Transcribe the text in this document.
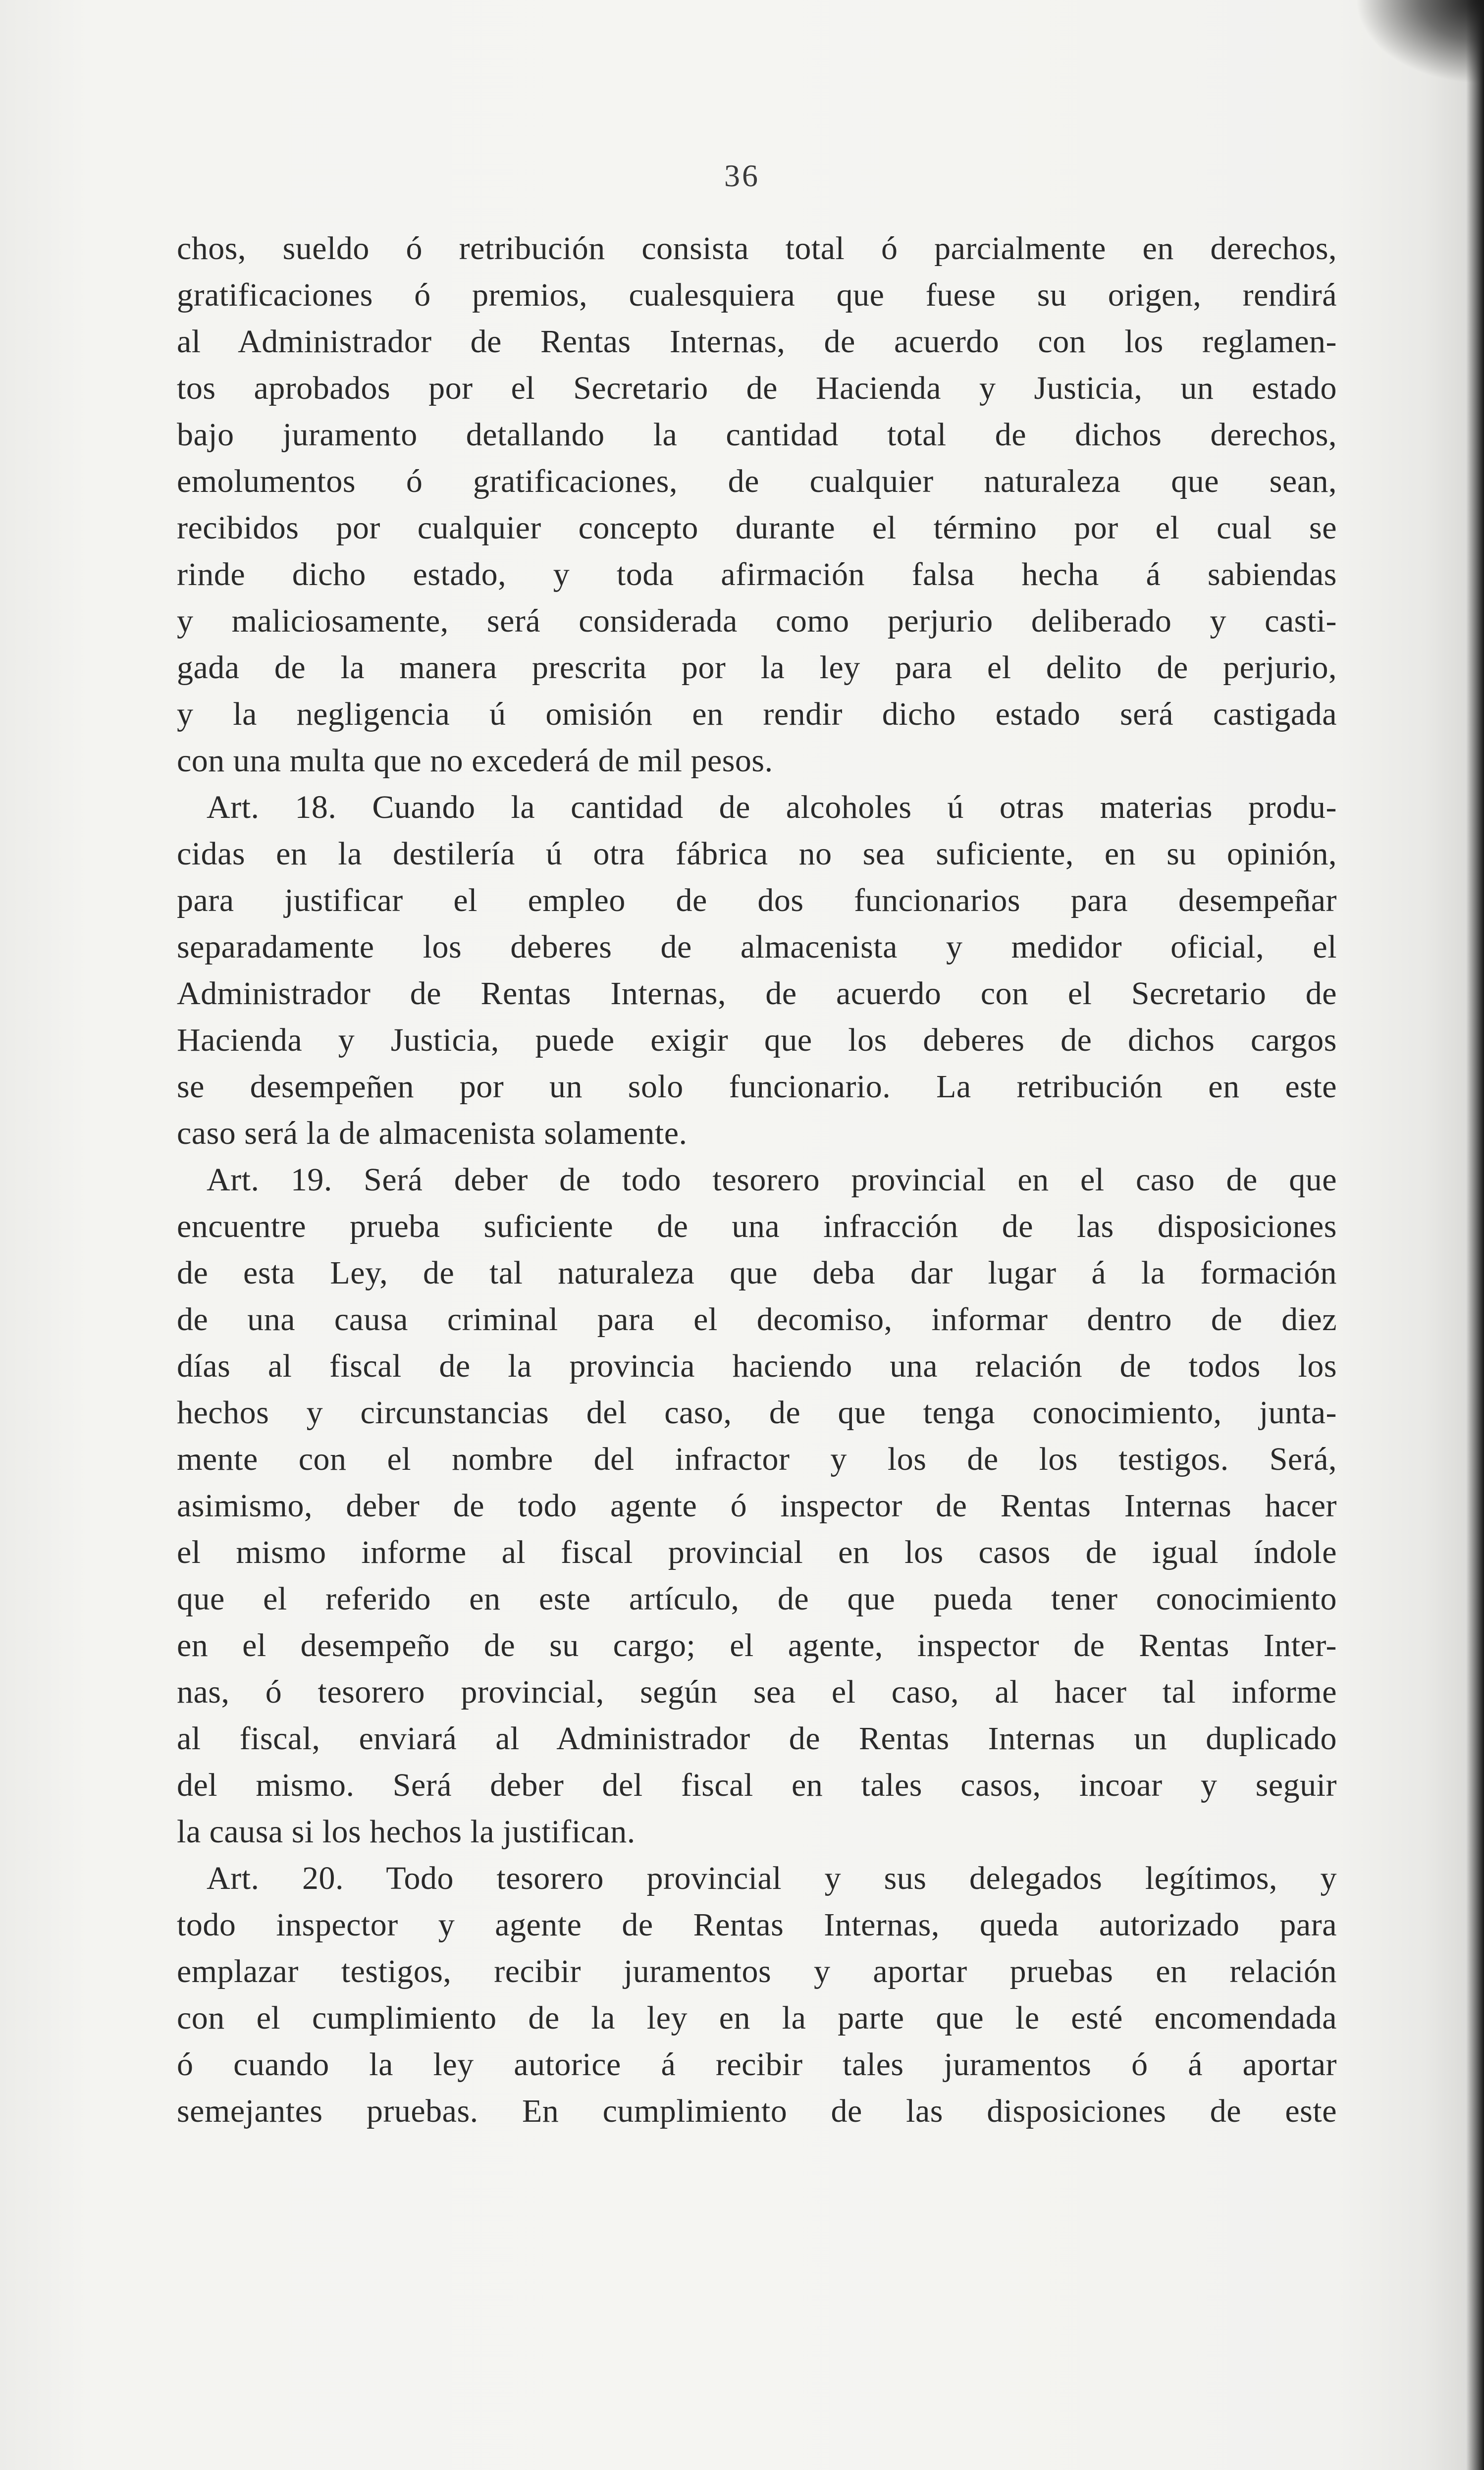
36
chos, sueldo ó retribución consista total ó parcialmente en derechos,
gratificaciones ó premios, cualesquiera que fuese su origen, rendirá
al Administrador de Rentas Internas, de acuerdo con los reglamen-
tos aprobados por el Secretario de Hacienda y Justicia, un estado
bajo juramento detallando la cantidad total de dichos derechos,
emolumentos ó gratificaciones, de cualquier naturaleza que sean,
recibidos por cualquier concepto durante el término por el cual se
rinde dicho estado, y toda afirmación falsa hecha á sabiendas
y maliciosamente, será considerada como perjurio deliberado y casti-
gada de la manera prescrita por la ley para el delito de perjurio,
y la negligencia ú omisión en rendir dicho estado será castigada
con una multa que no excederá de mil pesos.
Art. 18. Cuando la cantidad de alcoholes ú otras materias produ-
cidas en la destilería ú otra fábrica no sea suficiente, en su opinión,
para justificar el empleo de dos funcionarios para desempeñar
separadamente los deberes de almacenista y medidor oficial, el
Administrador de Rentas Internas, de acuerdo con el Secretario de
Hacienda y Justicia, puede exigir que los deberes de dichos cargos
se desempeñen por un solo funcionario. La retribución en este
caso será la de almacenista solamente.
Art. 19. Será deber de todo tesorero provincial en el caso de que
encuentre prueba suficiente de una infracción de las disposiciones
de esta Ley, de tal naturaleza que deba dar lugar á la formación
de una causa criminal para el decomiso, informar dentro de diez
días al fiscal de la provincia haciendo una relación de todos los
hechos y circunstancias del caso, de que tenga conocimiento, junta-
mente con el nombre del infractor y los de los testigos. Será,
asimismo, deber de todo agente ó inspector de Rentas Internas hacer
el mismo informe al fiscal provincial en los casos de igual índole
que el referido en este artículo, de que pueda tener conocimiento
en el desempeño de su cargo; el agente, inspector de Rentas Inter-
nas, ó tesorero provincial, según sea el caso, al hacer tal informe
al fiscal, enviará al Administrador de Rentas Internas un duplicado
del mismo. Será deber del fiscal en tales casos, incoar y seguir
la causa si los hechos la justifican.
Art. 20. Todo tesorero provincial y sus delegados legítimos, y
todo inspector y agente de Rentas Internas, queda autorizado para
emplazar testigos, recibir juramentos y aportar pruebas en relación
con el cumplimiento de la ley en la parte que le esté encomendada
ó cuando la ley autorice á recibir tales juramentos ó á aportar
semejantes pruebas. En cumplimiento de las disposiciones de este
